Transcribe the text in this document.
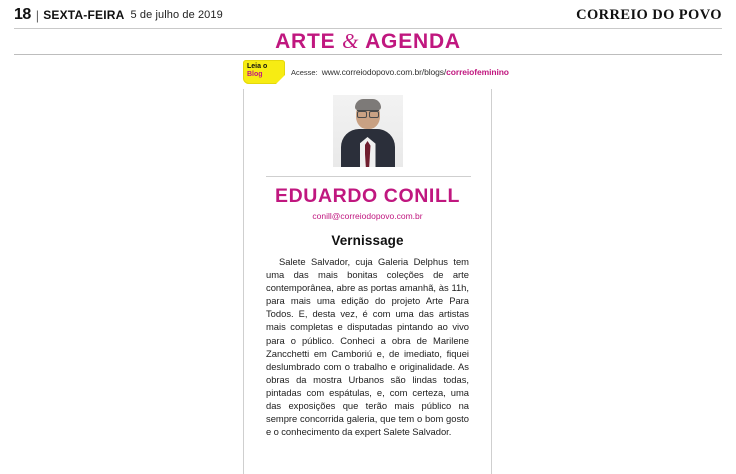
18 | SEXTA-FEIRA 5 de julho de 2019	CORREIO DO POVO
ARTE & AGENDA
Leia o
Blog	Acesse: www.correiodopovo.com.br/blogs/correiofeminino
EDUARDO CONILL
conill@correiodopovo.com.br
Vernissage
Salete Salvador, cuja Galeria Delphus tem uma das mais bonitas coleções de arte contemporânea, abre as portas amanhã, às 11h, para mais uma edição do projeto Arte Para Todos. E, desta vez, é com uma das artistas mais completas e disputadas pintando ao vivo para o público. Conheci a obra de Marilene Zancchetti em Camboriú e, de imediato, fiquei deslumbrado com o trabalho e originalidade. As obras da mostra Urbanos são lindas todas, pintadas com espátulas, e, com certeza, uma das exposições que terão mais público na sempre concorrida galeria, que tem o bom gosto e o conhecimento da expert Salete Salvador.
